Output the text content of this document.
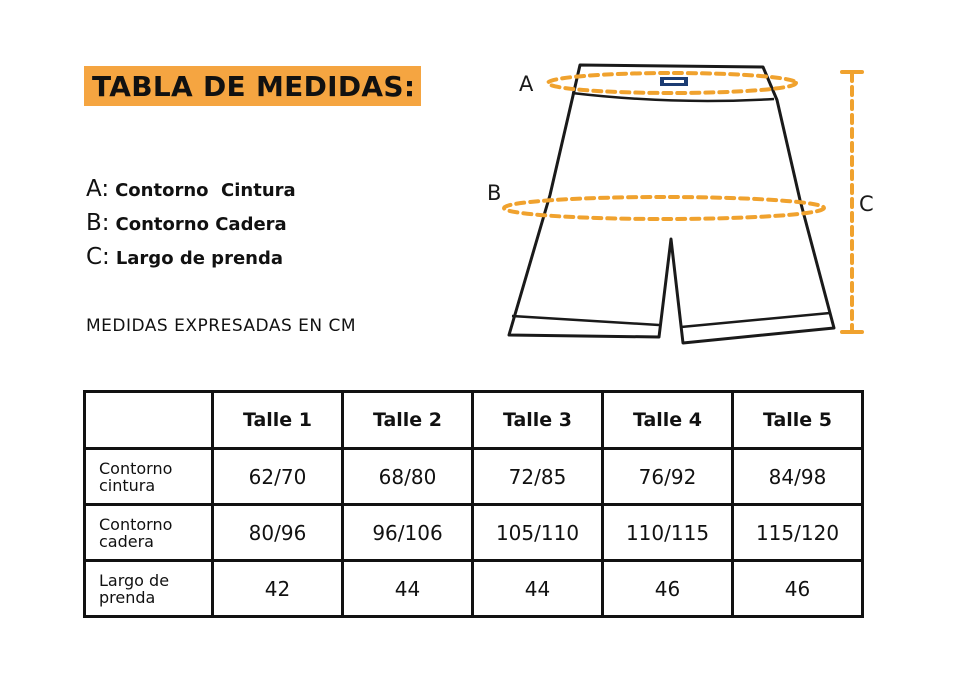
TABLA DE MEDIDAS:
A: Contorno  Cintura
B: Contorno Cadera
C: Largo de prenda
MEDIDAS EXPRESADAS EN CM
A
B	C
	Talle 1	Talle 2	Talle 3	Talle 4	Talle 5
Contorno
cintura	62/70	68/80	72/85	76/92	84/98
Contorno
cadera	80/96	96/106	105/110	110/115	115/120
Largo de
prenda	42	44	44	46	46
